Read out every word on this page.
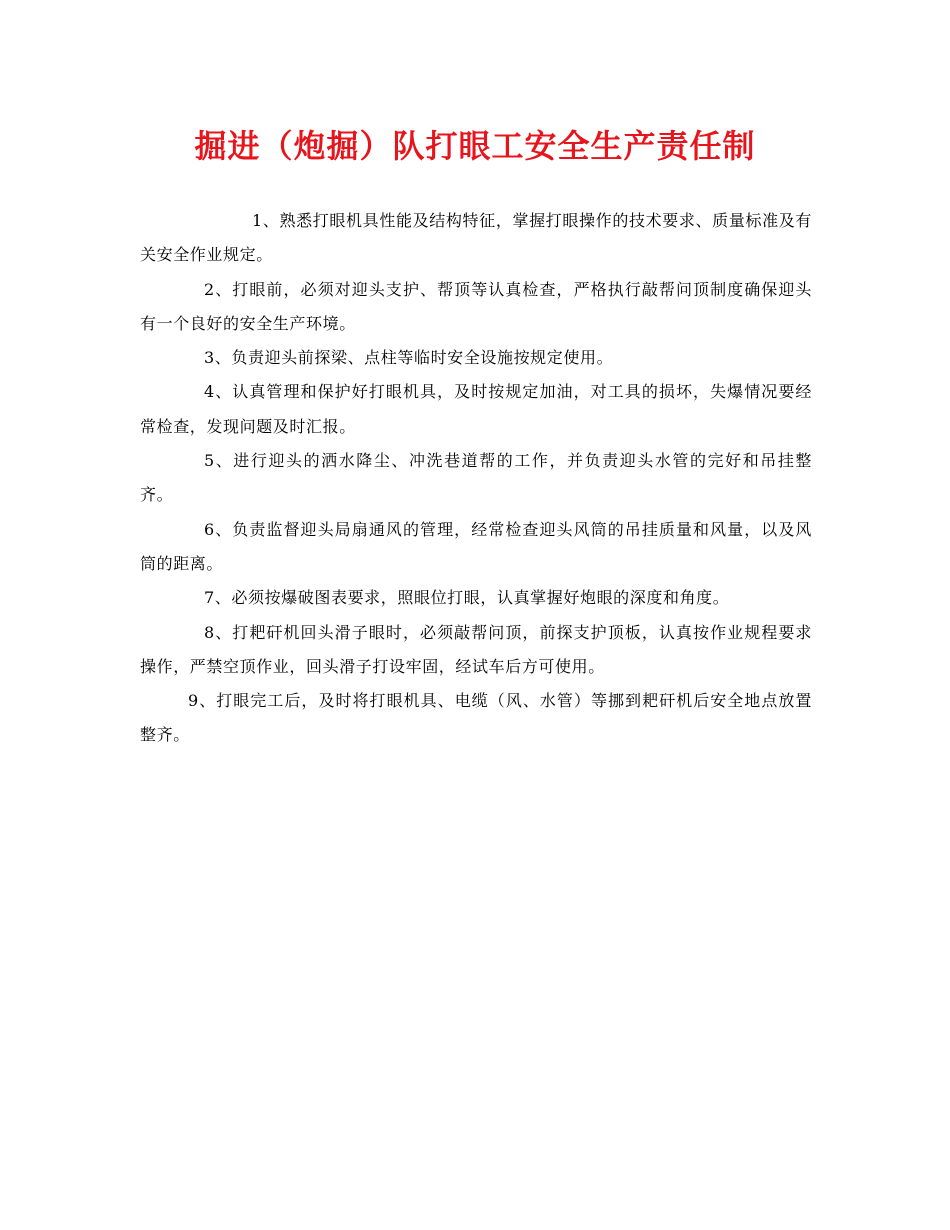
掘进（炮掘）队打眼工安全生产责任制

1、熟悉打眼机具性能及结构特征，掌握打眼操作的技术要求、质量标准及有关安全作业规定。

2、打眼前，必须对迎头支护、帮顶等认真检查，严格执行敲帮问顶制度确保迎头有一个良好的安全生产环境。

3、负责迎头前探梁、点柱等临时安全设施按规定使用。

4、认真管理和保护好打眼机具，及时按规定加油，对工具的损坏，失爆情况要经常检查，发现问题及时汇报。

5、进行迎头的洒水降尘、冲洗巷道帮的工作，并负责迎头水管的完好和吊挂整齐。

6、负责监督迎头局扇通风的管理，经常检查迎头风筒的吊挂质量和风量，以及风筒的距离。

7、必须按爆破图表要求，照眼位打眼，认真掌握好炮眼的深度和角度。

8、打耙矸机回头滑子眼时，必须敲帮问顶，前探支护顶板，认真按作业规程要求操作，严禁空顶作业，回头滑子打设牢固，经试车后方可使用。

9、打眼完工后，及时将打眼机具、电缆（风、水管）等挪到耙矸机后安全地点放置整齐。
